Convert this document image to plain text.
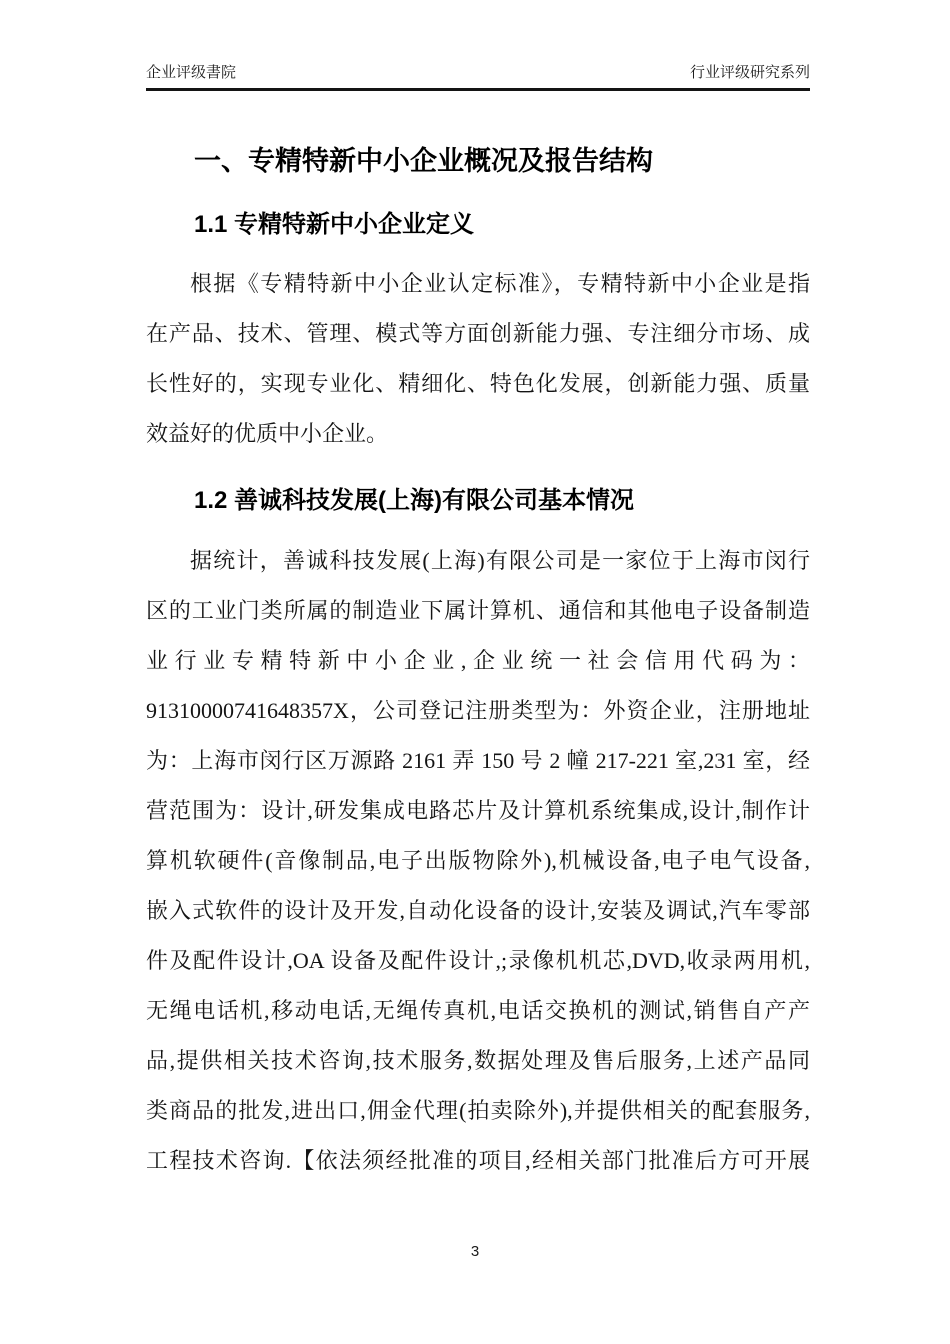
企业评级書院	行业评级研究系列
一、专精特新中小企业概况及报告结构
1.1 专精特新中小企业定义
根据《专精特新中小企业认定标准》，专精特新中小企业是指
在产品、技术、管理、模式等方面创新能力强、专注细分市场、成
长性好的，实现专业化、精细化、特色化发展，创新能力强、质量
效益好的优质中小企业。
1.2 善诚科技发展(上海)有限公司基本情况
据统计，善诚科技发展(上海)有限公司是一家位于上海市闵行
区的工业门类所属的制造业下属计算机、通信和其他电子设备制造
业行业专精特新中小企业,企业统一社会信用代码为：
91310000741648357X，公司登记注册类型为：外资企业，注册地址
为：上海市闵行区万源路 2161 弄 150 号 2 幢 217-221 室,231 室，经
营范围为：设计,研发集成电路芯片及计算机系统集成,设计,制作计
算机软硬件(音像制品,电子出版物除外),机械设备,电子电气设备,
嵌入式软件的设计及开发,自动化设备的设计,安装及调试,汽车零部
件及配件设计,OA 设备及配件设计,;录像机机芯,DVD,收录两用机,
无绳电话机,移动电话,无绳传真机,电话交换机的测试,销售自产产
品,提供相关技术咨询,技术服务,数据处理及售后服务,上述产品同
类商品的批发,进出口,佣金代理(拍卖除外),并提供相关的配套服务,
工程技术咨询.【依法须经批准的项目,经相关部门批准后方可开展
3
